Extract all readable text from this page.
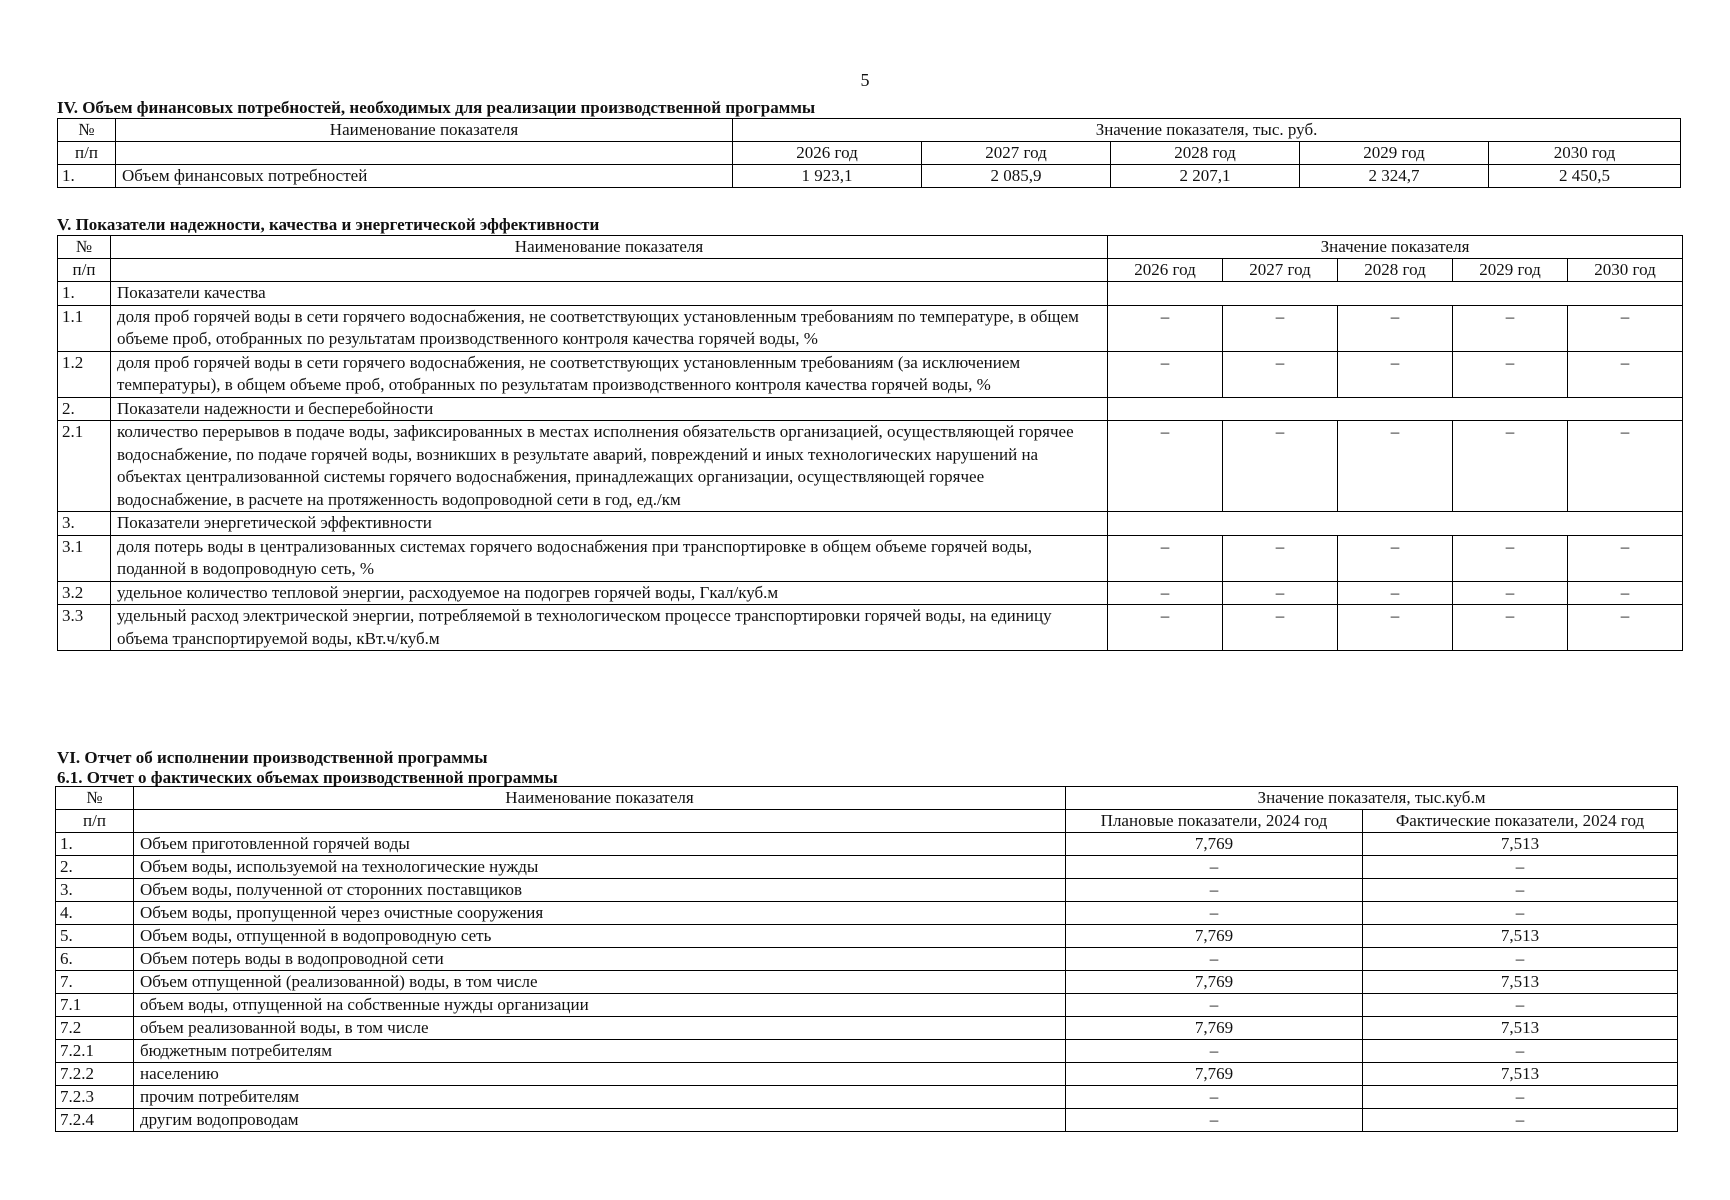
5
IV. Объем финансовых потребностей, необходимых для реализации производственной программы
№	Наименование показателя	Значение показателя, тыс. руб.				
п/п		2026 год	2027 год	2028 год	2029 год	2030 год
1.	Объем финансовых потребностей	1 923,1	2 085,9	2 207,1	2 324,7	2 450,5
V. Показатели надежности, качества и энергетической эффективности
№	Наименование показателя	Значение показателя				
п/п		2026 год	2027 год	2028 год	2029 год	2030 год
1.	Показатели качества					
1.1	доля проб горячей воды в сети горячего водоснабжения, не соответствующих установленным требованиям по температуре, в общем объеме проб, отобранных по результатам производственного контроля качества горячей воды, %	–	–	–	–	–
1.2	доля проб горячей воды в сети горячего водоснабжения, не соответствующих установленным требованиям (за исключением температуры), в общем объеме проб, отобранных по результатам производственного контроля качества горячей воды, %	–	–	–	–	–
2.	Показатели надежности и бесперебойности					
2.1	количество перерывов в подаче воды, зафиксированных в местах исполнения обязательств организацией, осуществляющей горячее водоснабжение, по подаче горячей воды, возникших в результате аварий, повреждений и иных технологических нарушений на объектах централизованной системы горячего водоснабжения, принадлежащих организации, осуществляющей горячее водоснабжение, в расчете на протяженность водопроводной сети в год, ед./км	–	–	–	–	–
3.	Показатели энергетической эффективности					
3.1	доля потерь воды в централизованных системах горячего водоснабжения при транспортировке в общем объеме горячей воды, поданной в водопроводную сеть, %	–	–	–	–	–
3.2	удельное количество тепловой энергии, расходуемое на подогрев горячей воды, Гкал/куб.м	–	–	–	–	–
3.3	удельный расход электрической энергии, потребляемой в технологическом процессе транспортировки горячей воды, на единицу объема транспортируемой воды, кВт.ч/куб.м	–	–	–	–	–
VI. Отчет об исполнении производственной программы
6.1. Отчет о фактических объемах производственной программы
№	Наименование показателя	Значение показателя, тыс.куб.м	
п/п		Плановые показатели, 2024 год	Фактические показатели, 2024 год
1.	Объем приготовленной горячей воды	7,769	7,513
2.	Объем воды, используемой на технологические нужды	–	–
3.	Объем воды, полученной от сторонних поставщиков	–	–
4.	Объем воды, пропущенной через очистные сооружения	–	–
5.	Объем воды, отпущенной в водопроводную сеть	7,769	7,513
6.	Объем потерь воды в водопроводной сети	–	–
7.	Объем отпущенной (реализованной) воды, в том числе	7,769	7,513
7.1	объем воды, отпущенной на собственные нужды организации	–	–
7.2	объем реализованной воды, в том числе	7,769	7,513
7.2.1	бюджетным потребителям	–	–
7.2.2	населению	7,769	7,513
7.2.3	прочим потребителям	–	–
7.2.4	другим водопроводам	–	–
